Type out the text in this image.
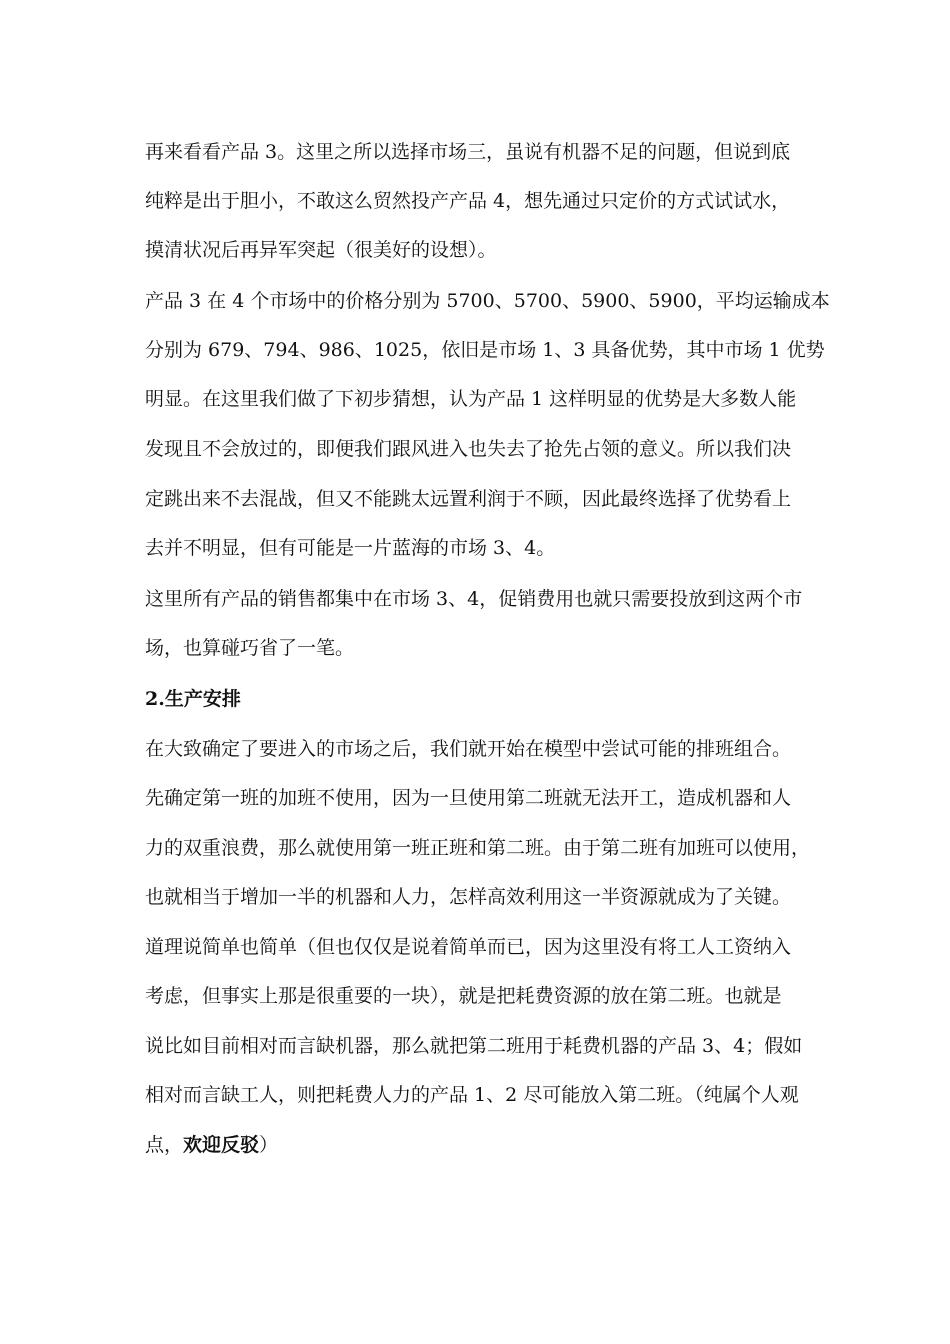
再来看看产品 3。这里之所以选择市场三，虽说有机器不足的问题，但说到底
纯粹是出于胆小，不敢这么贸然投产产品 4，想先通过只定价的方式试试水，
摸清状况后再异军突起（很美好的设想）。
产品 3 在 4 个市场中的价格分别为 5700、5700、5900、5900，平均运输成本
分别为 679、794、986、1025，依旧是市场 1、3 具备优势，其中市场 1 优势
明显。在这里我们做了下初步猜想，认为产品 1 这样明显的优势是大多数人能
发现且不会放过的，即便我们跟风进入也失去了抢先占领的意义。所以我们决
定跳出来不去混战，但又不能跳太远置利润于不顾，因此最终选择了优势看上
去并不明显，但有可能是一片蓝海的市场 3、4。
这里所有产品的销售都集中在市场 3、4，促销费用也就只需要投放到这两个市
场，也算碰巧省了一笔。
2.生产安排
在大致确定了要进入的市场之后，我们就开始在模型中尝试可能的排班组合。
先确定第一班的加班不使用，因为一旦使用第二班就无法开工，造成机器和人
力的双重浪费，那么就使用第一班正班和第二班。由于第二班有加班可以使用，
也就相当于增加一半的机器和人力，怎样高效利用这一半资源就成为了关键。
道理说简单也简单（但也仅仅是说着简单而已，因为这里没有将工人工资纳入
考虑，但事实上那是很重要的一块），就是把耗费资源的放在第二班。也就是
说比如目前相对而言缺机器，那么就把第二班用于耗费机器的产品 3、4；假如
相对而言缺工人，则把耗费人力的产品 1、2 尽可能放入第二班。（纯属个人观
点，欢迎反驳）
